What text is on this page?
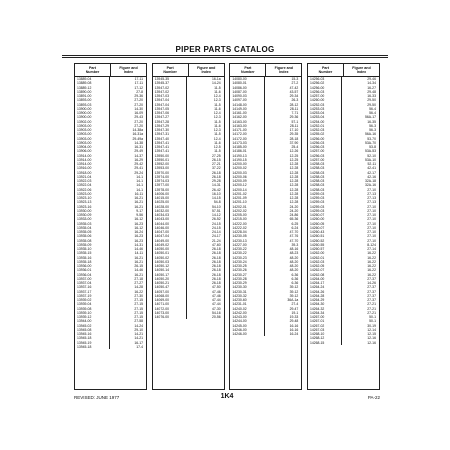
PIPER PARTS CATALOG
Part
Number
Figure and
Index
13889-04	17-11
13889-08	17-11
13889-12	17-12
13890-00	27-8
13891-00	29-36
13893-00	27-20
13893-03	27-20
13900-00	14-30
13900-00	16-09
13900-00	29-43
13902-00	27-20
13903-00	27-20
13903-00	14-38a
13903-00	16-31a
13903-00	29-49a
13903-00	14-38
13904-00	16-31
13906-00	29-49
13914-00	14-37
13914-00	16-29
13914-00	29-42
13916-00	29-41
13918-00	29-24
13921-04	14-1
13922-03	14-1
13922-04	14-1
13922-06	14-1
13923-00	16-11
13923-10	16-21
13923-13	16-21
13923-16	16-21
13930-00	9-17
13930-09	9-56
13933-00	16-12
13935-03	16-23
13935-04	16-12
13935-05	16-24
13935-06	16-23
13935-08	16-23
13935-09	14-31
13935-10	14-46
13935-15	14-11
13935-16	16-21
13935-18	16-21
13936-00	26-15
13936-01	14-46
13936-04	16-21
13937-00	27-18
13937-04	27-27
13937-16	14-28
13937-17	16-22
13937-19	27-30
13939-02	27-15
13939-04	27-15
13939-08	27-15
13939-10	27-15
13939-12	27-15
13944-00	27-58
13945-02	14-24
13945-08	29-10
13945-16	14-21
13945-18	14-21
13945-19	16-17
13945-18	17-4
Part
Number
Figure and
Index
13945-35	16-1a
13945-37	14-24
13947-02	11-5
13947-02	11-6
13947-03	12-4
13947-04	12-3
13947-04	11-5
13947-05	11-6
13947-06	12-4
13947-27	12-3
13947-28	11-5
13947-29	11-6
13947-30	12-3
13947-31	11-5
13947-40	12-4
13947-41	11-6
13947-41	12-5
13947-41	11-5
13950-00	27-25
13950-01	26-15
13952-00	27-21
13953-00	37-22
13970-00	26-18
13974-00	26-18
13974-03	29-28
13977-00	14-31
13978-00	26-42
14006-00	16-10
14015-00	14-15
14025-00	54-8
14028-00	54-10
14032-00	57-51
14034-03	14-12
14043-00	26-52
14044-00	24-15
14046-00	24-15
14047-00	24-14
14047-04	24-17
14049-00	21-24
14049-02	47-60
14050-00	26-18
14050-01	26-18
14050-02	26-18
14050-03	26-18
14050-12	26-18
14050-14	26-18
14050-17	26-18
14050-20	26-18
14050-21	26-18
14050-47	47-50
14057-00	47-46
14068-00	47-46
14069-00	47-44
14071-00	47-44
14072-00	47-30
14073-00	54-16
14076-00	20-56
Part
Number
Figure and
Index
14080-00	15-3
14080-01	27-2
14086-00	47-42
14087-00	43-57
14090-03	29-34
14097-00	26-3
14148-00	28-12
14149-00	28-11
14161-00	7-71
14162-00	29-36
14163-00	57-1
14163-00	28-11
14171-00	17-10
14172-00	29-35
14172-00	28-18
14173-03	37-90
14185-00	25-4
14186-01	12-26
14190-13	12-25
14190-15	12-25
14200-00	12-28
14200-02	12-28
14200-03	12-28
14200-06	12-28
14200-09	12-28
14200-12	12-28
14200-14	12-28
14201-02	12-28
14201-09	12-28
14201-10	12-28
14202-01	24-20
14202-02	24-20
14205-00	24-86
14215-00	65-36
14222-00	6-25
14222-02	6-24
14228-04	47-70
14230-05	47-76
14230-13	47-70
14227-00	39-3
14230-22	48-16
14230-22	48-23
14230-23	48-20
14230-24	48-20
14230-25	48-20
14230-26	48-20
14230-27	6-36
14230-28	6-36
14230-29	6-36
14230-30	39-12
14230-31	39-12
14230-32	39-12
14230-60	36A-1a
14231-01	27-4
14240-02	29-47
14242-00	19-1
14243-00	19-33
14244-00	29-48
14245-00	16-16
14246-00	16-16
14246-00	16-24
Part
Number
Figure and
Index
14256-03	29-46
14256-02	14-34
14256-00	16-27
14256-03	29-48
14257-00	16-33
14260-00	29-50
14252-03	29-50
14253-03	56-4
14253-04	56-4
14253-04	56A-17
14254-00	16-35
14252-01	56-3
14252-03	56-3
14255-02	56A-16
14256-00	53-70
14256-03	53A-70
14256-03	53-8
14257-00	53A-53
14256-03	52-10
14257-00	53A-10
14258-03	52-11
14258-03	42-41
14258-03	42-17
14258-03	42-16
14258-03	32A-18
14258-03	32A-16
14258-03	27-10
14259-03	27-13
14259-03	27-13
14259-03	27-13
14259-03	27-10
14259-03	27-10
14260-07	27-10
14260-00	27-10
14260-05	27-10
14260-07	27-10
14260-43	27-10
14260-51	27-10
14260-52	27-10
14260-55	8-124
14260-57	27-14
14262-00	16-22
14262-01	16-22
14262-03	16-22
14262-05	16-22
14262-07	16-22
14262-08	16-22
14264-00	27-37
14264-17	14-26
14264-24	27-37
14264-26	27-37
14264-28	27-37
14264-29	27-37
14264-30	27-21
14264-32	27-21
14264-34	27-21
14267-00	50-1
14267-01	50-1
14267-02	30-19
14267-03	12-14
14268-10	12-15
14268-12	12-16
14268-15	12-16
REVISED: JUNE 1977	1K4	PA-22
